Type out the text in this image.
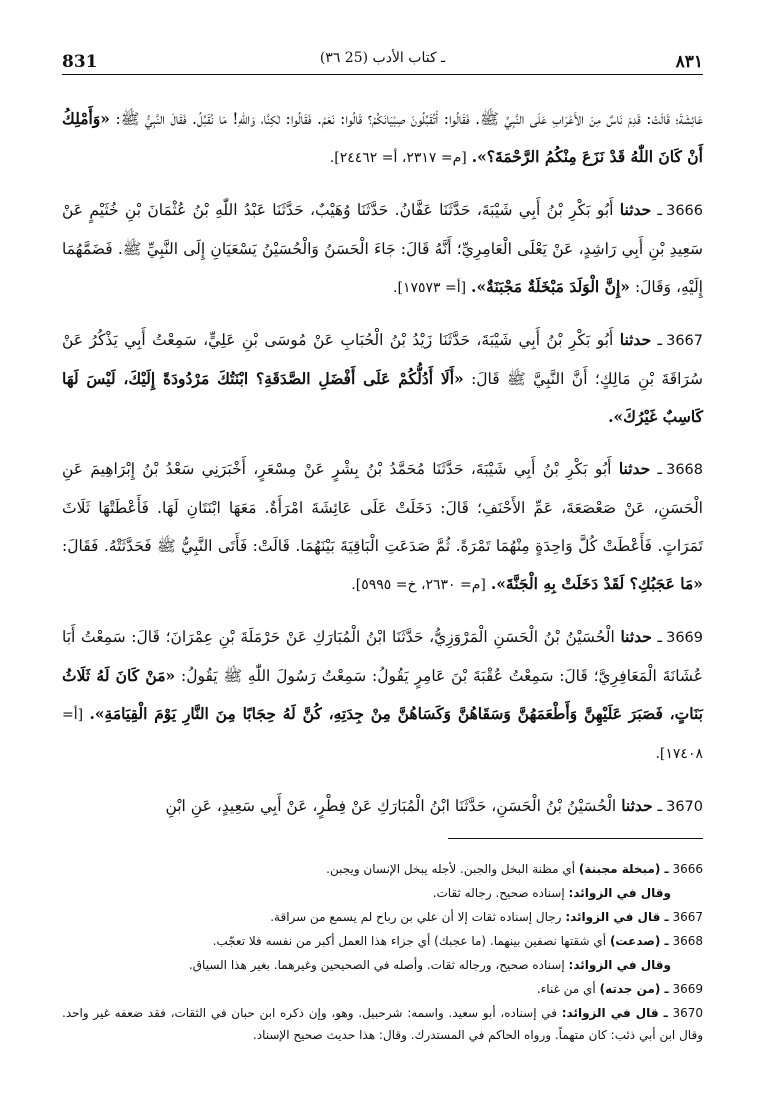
831	(٣٦ 25) ـ كتاب الأدب	٨٣١

عَائِشَةَ؛ قَالَتْ: قَدِمَ نَاسٌ مِنَ الأَعْرَابِ عَلَى النَّبِيِّ ﷺ. فَقَالُوا: أَتُقَبِّلُونَ صِبْيَانَكُمْ؟ قَالُوا: نَعَمْ. فَقَالُوا: لٰكِنَّا، وَاللّٰهِ! مَا نُقَبِّلُ. فَقَالَ النَّبِيُّ ﷺ: «وَأَمْلِكُ أَنْ كَانَ اللّٰهُ قَدْ نَزَعَ مِنْكُمُ الرَّحْمَةَ؟». [م= ٢٣١٧، أ= ٢٤٤٦٢].

3666ـ حدثنا أَبُو بَكْرِ بْنُ أَبِي شَيْبَةَ، حَدَّثَنَا عَفَّانُ. حَدَّثَنَا وُهَيْبٌ، حَدَّثَنَا عَبْدُ اللّٰهِ بْنُ عُثْمَانَ بْنِ خُثَيْمٍ عَنْ سَعِيدِ بْنِ أَبِي رَاشِدٍ، عَنْ يَعْلَى الْعَامِرِيِّ؛ أَنَّهُ قَالَ: جَاءَ الْحَسَنُ وَالْحُسَيْنُ يَسْعَيَانِ إِلَى النَّبِيِّ ﷺ. فَضَمَّهُمَا إِلَيْهِ، وَقَالَ: «إِنَّ الْوَلَدَ مَبْخَلَةٌ مَجْبَنَةٌ». [أ= ١٧٥٧٣].

3667ـ حدثنا أَبُو بَكْرِ بْنُ أَبِي شَيْبَةَ، حَدَّثَنَا زَيْدُ بْنُ الْحُبَابِ عَنْ مُوسَى بْنِ عَلِيٍّ، سَمِعْتُ أَبِي يَذْكُرُ عَنْ سُرَاقَةَ بْنِ مَالِكٍ؛ أَنَّ النَّبِيَّ ﷺ قَالَ: «أَلَا أَدُلُّكُمْ عَلَى أَفْضَلِ الصَّدَقَةِ؟ ابْنَتُكَ مَرْدُودَةً إِلَيْكَ، لَيْسَ لَهَا كَاسِبٌ غَيْرُكَ».

3668ـ حدثنا أَبُو بَكْرِ بْنُ أَبِي شَيْبَةَ، حَدَّثَنَا مُحَمَّدُ بْنُ بِشْرٍ عَنْ مِسْعَرٍ، أَخْبَرَنِي سَعْدُ بْنُ إِبْرَاهِيمَ عَنِ الْحَسَنِ، عَنْ صَعْصَعَةَ، عَمِّ الأَحْنَفِ؛ قَالَ: دَخَلَتْ عَلَى عَائِشَةَ امْرَأَةٌ. مَعَهَا ابْنَتَانِ لَهَا. فَأَعْطَتْهَا ثَلَاثَ تَمَرَاتٍ. فَأَعْطَتْ كُلَّ وَاحِدَةٍ مِنْهُمَا تَمْرَةً. ثُمَّ صَدَعَتِ الْبَاقِيَةَ بَيْنَهُمَا. قَالَتْ: فَأَتَى النَّبِيُّ ﷺ فَحَدَّثَتْهُ. فَقَالَ: «مَا عَجَبُكِ؟ لَقَدْ دَخَلَتْ بِهِ الْجَنَّةَ». [م= ٢٦٣٠، خ= ٥٩٩٥].

3669ـ حدثنا الْحُسَيْنُ بْنُ الْحَسَنِ الْمَرْوَزِيُّ، حَدَّثَنَا ابْنُ الْمُبَارَكِ عَنْ حَرْمَلَةَ بْنِ عِمْرَانَ؛ قَالَ: سَمِعْتُ أَبَا عُشَانَةَ الْمَعَافِرِيَّ؛ قَالَ: سَمِعْتُ عُقْبَةَ بْنَ عَامِرٍ يَقُولُ: سَمِعْتُ رَسُولَ اللّٰهِ ﷺ يَقُولُ: «مَنْ كَانَ لَهُ ثَلَاثُ بَنَاتٍ، فَصَبَرَ عَلَيْهِنَّ وَأَطْعَمَهُنَّ وَسَقَاهُنَّ وَكَسَاهُنَّ مِنْ جِدَتِهِ، كُنَّ لَهُ حِجَابًا مِنَ النَّارِ يَوْمَ الْقِيَامَةِ». [أ= ١٧٤٠٨].

3670ـ حدثنا الْحُسَيْنُ بْنُ الْحَسَنِ، حَدَّثَنَا ابْنُ الْمُبَارَكِ عَنْ فِطْرٍ، عَنْ أَبِي سَعِيدٍ، عَنِ ابْنِ

3666 ـ (مبخلة مجبنة) أي مظنة البخل والجبن. لأجله يبخل الإنسان ويجبن.

وقال في الزوائد: إسناده صحيح. رجاله ثقات.

3667 ـ قال في الزوائد: رجال إسناده ثقات إلا أن علي بن رباح لم يسمع من سراقة.

3668 ـ (صدعت) أي شقتها نصفين بينهما. (ما عجبك) أي جزاء هذا العمل أكبر من نفسه فلا تعجّب.

وقال في الزوائد: إسناده صحيح، ورجاله ثقات. وأصله في الصحيحين وغيرهما. بغير هذا السياق.

3669 ـ (من جدته) أي من غناء.

3670 ـ قال في الزوائد: في إسناده، أبو سعيد. واسمه: شرحبيل. وهو، وإن ذكره ابن حبان في الثقات، فقد ضعفه غير واحد. وقال ابن أبي ذئب: كان متهماً. ورواه الحاكم في المستدرك. وقال: هذا حديث صحيح الإسناد.
